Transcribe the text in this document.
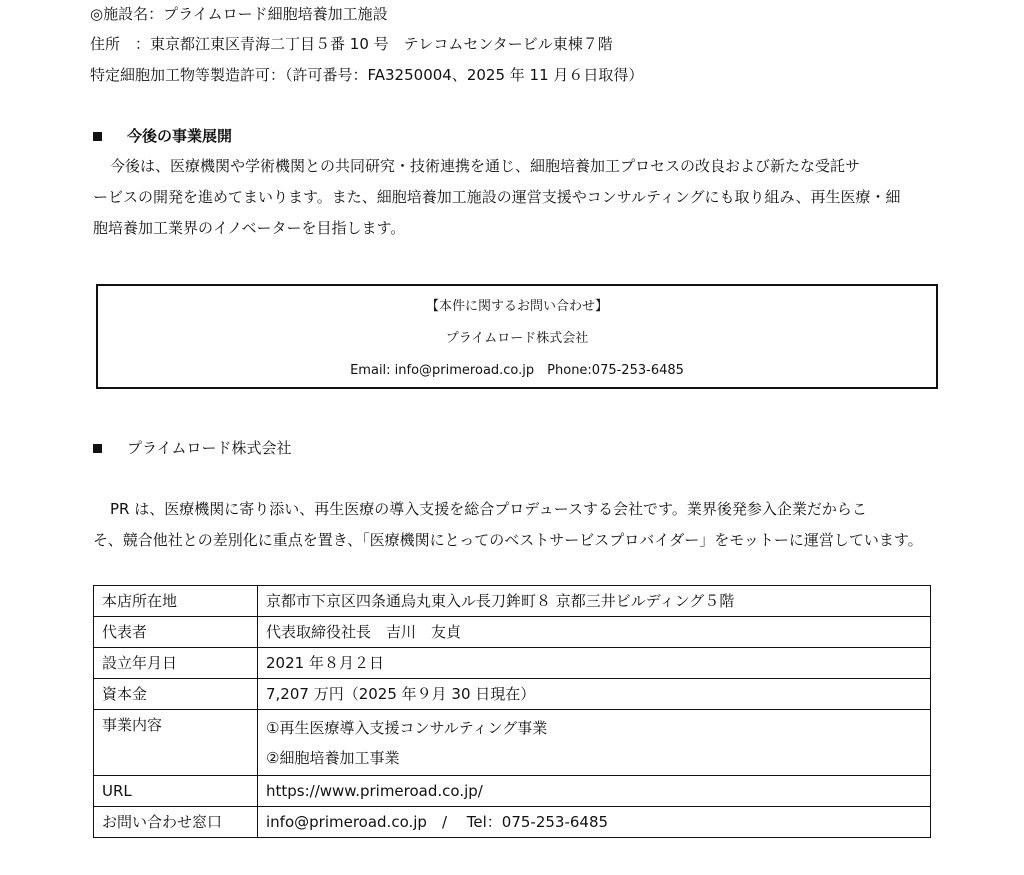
◎施設名：プライムロード細胞培養加工施設
住所　：東京都江東区青海二丁目５番 10 号　テレコムセンタービル東棟７階
特定細胞加工物等製造許可：（許可番号：FA3250004、2025 年 11 月６日取得）
今後の事業展開
今後は、医療機関や学術機関との共同研究・技術連携を通じ、細胞培養加工プロセスの改良および新たな受託サ
ービスの開発を進めてまいります。また、細胞培養加工施設の運営支援やコンサルティングにも取り組み、再生医療・細
胞培養加工業界のイノベーターを目指します。
【本件に関するお問い合わせ】
プライムロード株式会社
Email: info@primeroad.co.jp　Phone:075-253-6485
プライムロード株式会社
PR は、医療機関に寄り添い、再生医療の導入支援を総合プロデュースする会社です。業界後発参入企業だからこ
そ、競合他社との差別化に重点を置き、「医療機関にとってのベストサービスプロバイダー」をモットーに運営しています。
本店所在地	京都市下京区四条通烏丸東入ル長刀鉾町８ 京都三井ビルディング５階
代表者	代表取締役社長　吉川　友貞
設立年月日	2021 年８月２日
資本金	7,207 万円（2025 年９月 30 日現在）
事業内容	①再生医療導入支援コンサルティング事業
②細胞培養加工事業

URL	https://www.primeroad.co.jp/
お問い合わせ窓口	info@primeroad.co.jp　/　 Tel：075-253-6485
